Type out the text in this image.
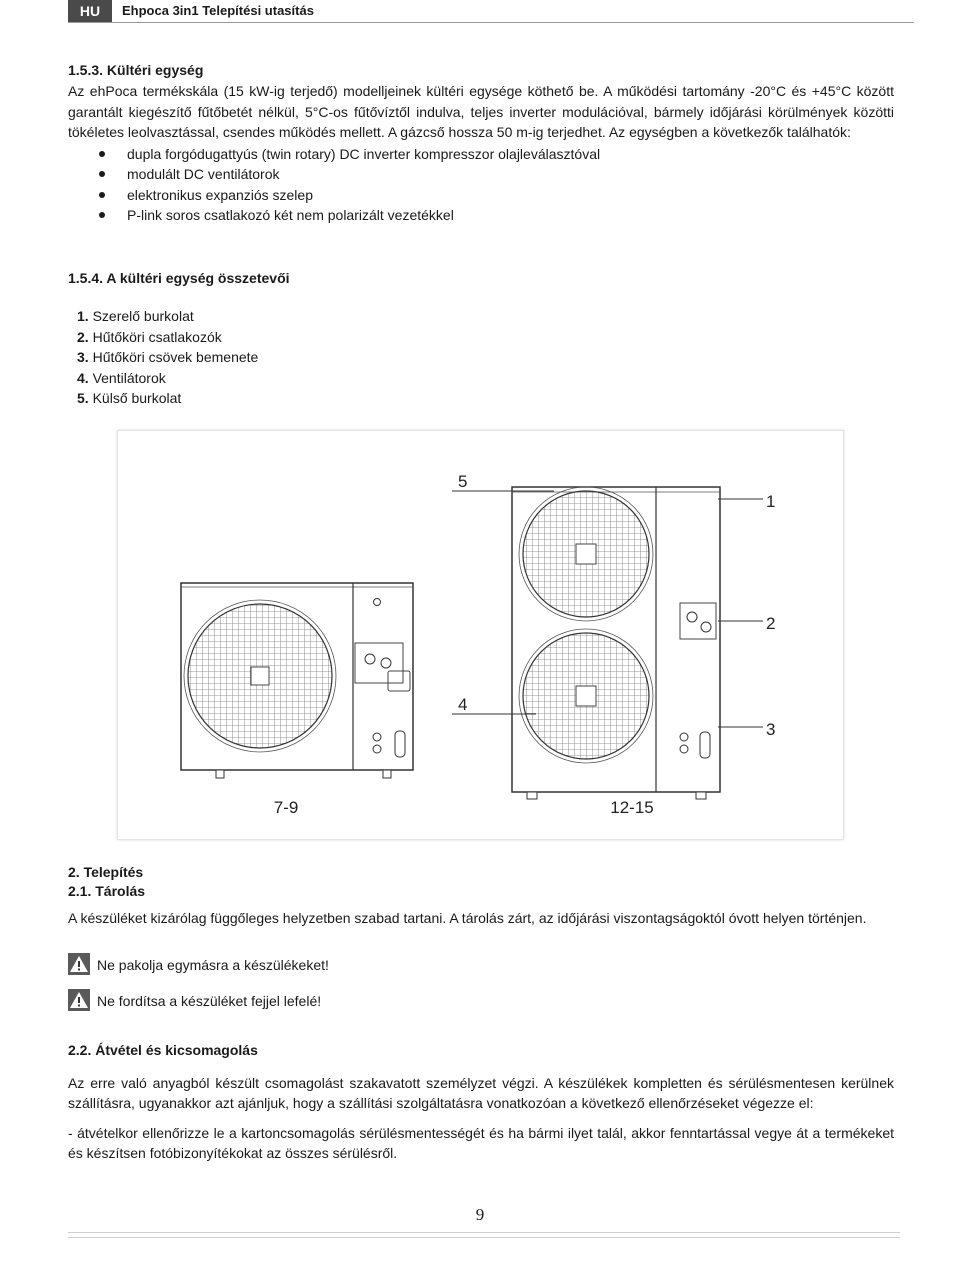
HU	Ehpoca 3in1 Telepítési utasítás

1.5.3. Kültéri egység

Az ehPoca termékskála (15 kW-ig terjedő) modelljeinek kültéri egysége köthető be. A működési tartomány -20°C és +45°C között garantált kiegészítő fűtőbetét nélkül, 5°C-os fűtővíztől indulva, teljes inverter modulációval, bármely időjárási körülmények közötti tökéletes leolvasztással, csendes működés mellett. A gázcső hossza 50 m-ig terjedhet. Az egységben a következők találhatók:

dupla forgódugattyús (twin rotary) DC inverter kompresszor olajleválasztóval
modulált DC ventilátorok
elektronikus expanziós szelep
P-link soros csatlakozó két nem polarizált vezetékkel

1.5.4. A kültéri egység összetevői

1. Szerelő burkolat
2. Hűtőköri csatlakozók
3. Hűtőköri csövek bemenete
4. Ventilátorok
5. Külső burkolat
7-9	12-15
5
1
2
4
3

2. Telepítés

2.1. Tárolás

A készüléket kizárólag függőleges helyzetben szabad tartani. A tárolás zárt, az időjárási viszontagságoktól óvott helyen történjen.

Ne pakolja egymásra a készülékeket!
Ne fordítsa a készüléket fejjel lefelé!

2.2. Átvétel és kicsomagolás

Az erre való anyagból készült csomagolást szakavatott személyzet végzi. A készülékek kompletten és sérülésmentesen kerülnek szállításra, ugyanakkor azt ajánljuk, hogy a szállítási szolgáltatásra vonatkozóan a következő ellenőrzéseket végezze el:

- átvételkor ellenőrizze le a kartoncsomagolás sérülésmentességét és ha bármi ilyet talál, akkor fenntartással vegye át a termékeket és készítsen fotóbizonyítékokat az összes sérülésről.

9
